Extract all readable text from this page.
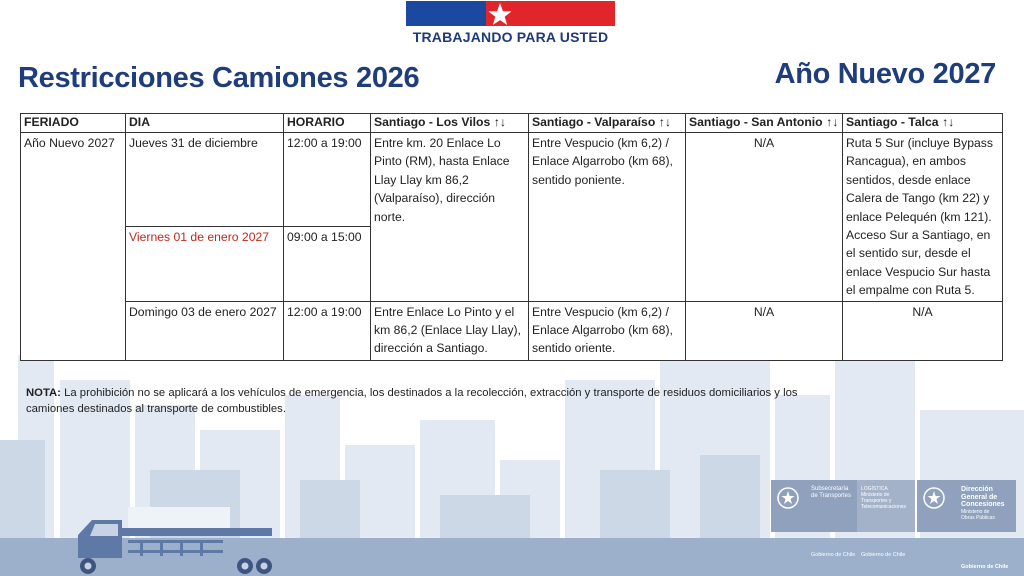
TRABAJANDO PARA USTED
Restricciones Camiones 2026	Año Nuevo 2027
FERIADO	DIA	HORARIO	Santiago - Los Vilos ↑↓	Santiago - Valparaíso ↑↓	Santiago - San Antonio ↑↓	Santiago - Talca ↑↓
Año Nuevo 2027	Jueves 31 de diciembre	12:00 a 19:00	Entre km. 20 Enlace Lo Pinto (RM), hasta Enlace Llay Llay km 86,2 (Valparaíso), dirección norte.	Entre Vespucio (km 6,2) / Enlace Algarrobo (km 68), sentido poniente.	N/A	Ruta 5 Sur (incluye Bypass Rancagua), en ambos sentidos, desde enlace Calera de Tango (km 22) y enlace Pelequén (km 121). Acceso Sur a Santiago, en el sentido sur, desde el enlace Vespucio Sur hasta el empalme con Ruta 5.
	Viernes 01 de enero 2027	09:00 a 15:00				
	Domingo 03 de enero 2027	12:00 a 19:00	Entre Enlace Lo Pinto y el km 86,2 (Enlace Llay Llay), dirección a Santiago.	Entre Vespucio (km 6,2) / Enlace Algarrobo (km 68), sentido oriente.	N/A	N/A
NOTA: La prohibición no se aplicará a los vehículos de emergencia, los destinados a la recolección, extracción y transporte de residuos domiciliarios y los camiones destinados al transporte de combustibles.
Subsecretaría
de Transportes
Gobierno de Chile
LOGÍSTICA
Ministerio de
Transportes y
Telecomunicaciones
Gobierno de Chile
Dirección
General de
Concesiones
Ministerio de
Obras Públicas
Gobierno de Chile
